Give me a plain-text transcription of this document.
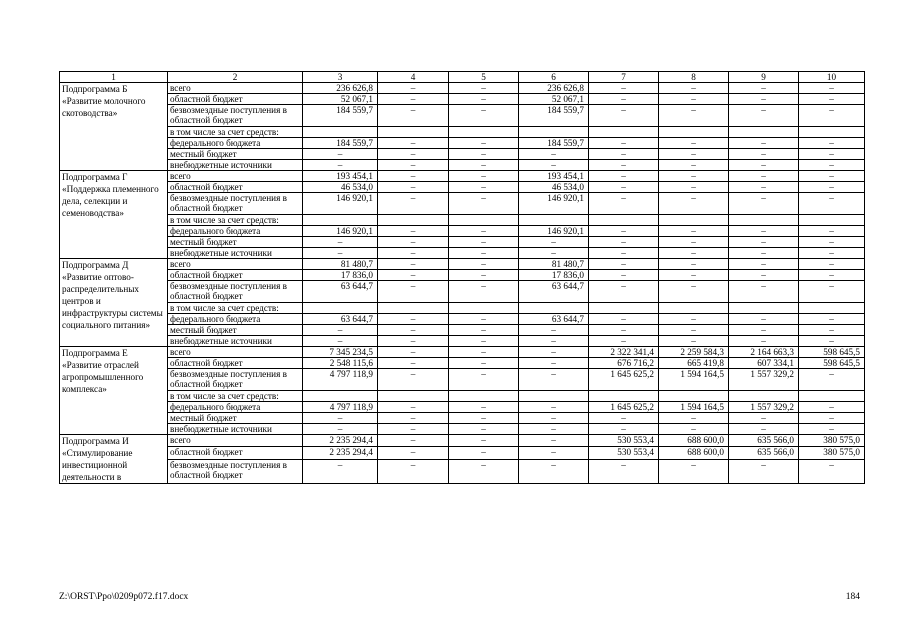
1	2	3	4	5	6	7	8	9	10
Подпрограмма Б «Развитие молочного скотоводства»	всего	236 626,8	–	–	236 626,8	–	–	–	–
	областной бюджет	52 067,1	–	–	52 067,1	–	–	–	–
	безвозмездные поступления в областной бюджет	184 559,7	–	–	184 559,7	–	–	–	–
	в том числе за счет средств:								
	федерального бюджета	184 559,7	–	–	184 559,7	–	–	–	–
	местный бюджет	–	–	–	–	–	–	–	–
	внебюджетные источники	–	–	–	–	–	–	–	–
Подпрограмма Г «Поддержка племенного дела, селекции и семеноводства»	всего	193 454,1	–	–	193 454,1	–	–	–	–
	областной бюджет	46 534,0	–	–	46 534,0	–	–	–	–
	безвозмездные поступления в областной бюджет	146 920,1	–	–	146 920,1	–	–	–	–
	в том числе за счет средств:								
	федерального бюджета	146 920,1	–	–	146 920,1	–	–	–	–
	местный бюджет	–	–	–	–	–	–	–	–
	внебюджетные источники	–	–	–	–	–	–	–	–
Подпрограмма Д «Развитие оптово-распределительных центров и инфраструктуры системы социального питания»	всего	81 480,7	–	–	81 480,7	–	–	–	–
	областной бюджет	17 836,0	–	–	17 836,0	–	–	–	–
	безвозмездные поступления в областной бюджет	63 644,7	–	–	63 644,7	–	–	–	–
	в том числе за счет средств:								
	федерального бюджета	63 644,7	–	–	63 644,7	–	–	–	–
	местный бюджет	–	–	–	–	–	–	–	–
	внебюджетные источники	–	–	–	–	–	–	–	–
Подпрограмма Е «Развитие отраслей агропромышленного комплекса»	всего	7 345 234,5	–	–	–	2 322 341,4	2 259 584,3	2 164 663,3	598 645,5
	областной бюджет	2 548 115,6	–	–	–	676 716,2	665 419,8	607 334,1	598 645,5
	безвозмездные поступления в областной бюджет	4 797 118,9	–	–	–	1 645 625,2	1 594 164,5	1 557 329,2	–
	в том числе за счет средств:								
	федерального бюджета	4 797 118,9	–	–	–	1 645 625,2	1 594 164,5	1 557 329,2	–
	местный бюджет	–	–	–	–	–	–	–	–
	внебюджетные источники	–	–	–	–	–	–	–	–
Подпрограмма И «Стимулирование инвестиционной деятельности в	всего	2 235 294,4	–	–	–	530 553,4	688 600,0	635 566,0	380 575,0
	областной бюджет	2 235 294,4	–	–	–	530 553,4	688 600,0	635 566,0	380 575,0
	безвозмездные поступления в областной бюджет	–	–	–	–	–	–	–	–
Z:\ORST\Ppo\0209p072.f17.docx	184
